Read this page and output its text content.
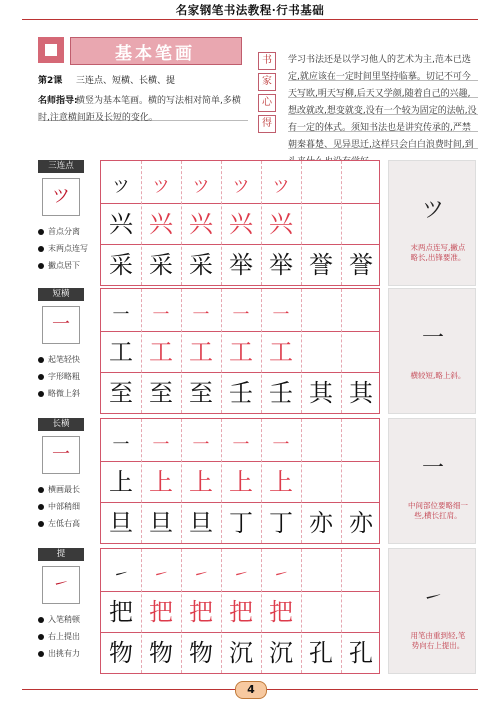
名家钢笔书法教程·行书基础
基本笔画
第2课 三连点、短横、长横、提
名师指导:
横竖为基本笔画。横的写法相对简单,多横时,注意横间距及长短的变化。
书
家
心
得
学习书法还是以学习他人的艺术为主,范本已选定,就应该在一定时间里坚持临摹。切记不可今天写欧,明天写柳,后天又学颜,随着自己的兴趣,想改就改,想变就变,没有一个较为固定的法帖,没有一定的体式。须知书法也是讲究传承的,严禁朝秦暮楚、见异思迁,这样只会白白浪费时间,到
三连点
ツ
首点分离
末两点连写
撇点居下
ツ	ツ	ツ	ツ	ツ
兴 兴 兴 兴 兴
采 采 采 举 举 誉 誉
ツ
末两点连写,撇点略长,出锋要准。
短横
一
起笔轻快
字形略粗
略微上斜
一	一	一	一	一
工 工 工 工 工
至 至 至 壬 壬 其 其
一
横较短,略上斜。
长横
一
横画最长
中部稍细
左低右高
一	一	一	一	一
上 上 上 上 上
旦 旦 旦 丁 丁 亦 亦
一
中间部位要略细一些,横长扛肩。
提
㇀
入笔稍顿
右上提出
出挑有力
㇀	㇀	㇀	㇀	㇀
把 把 把 把 把
物 物 物 沉 沉 孔 孔
㇀
用笔由重到轻,笔势向右上提出。
4
